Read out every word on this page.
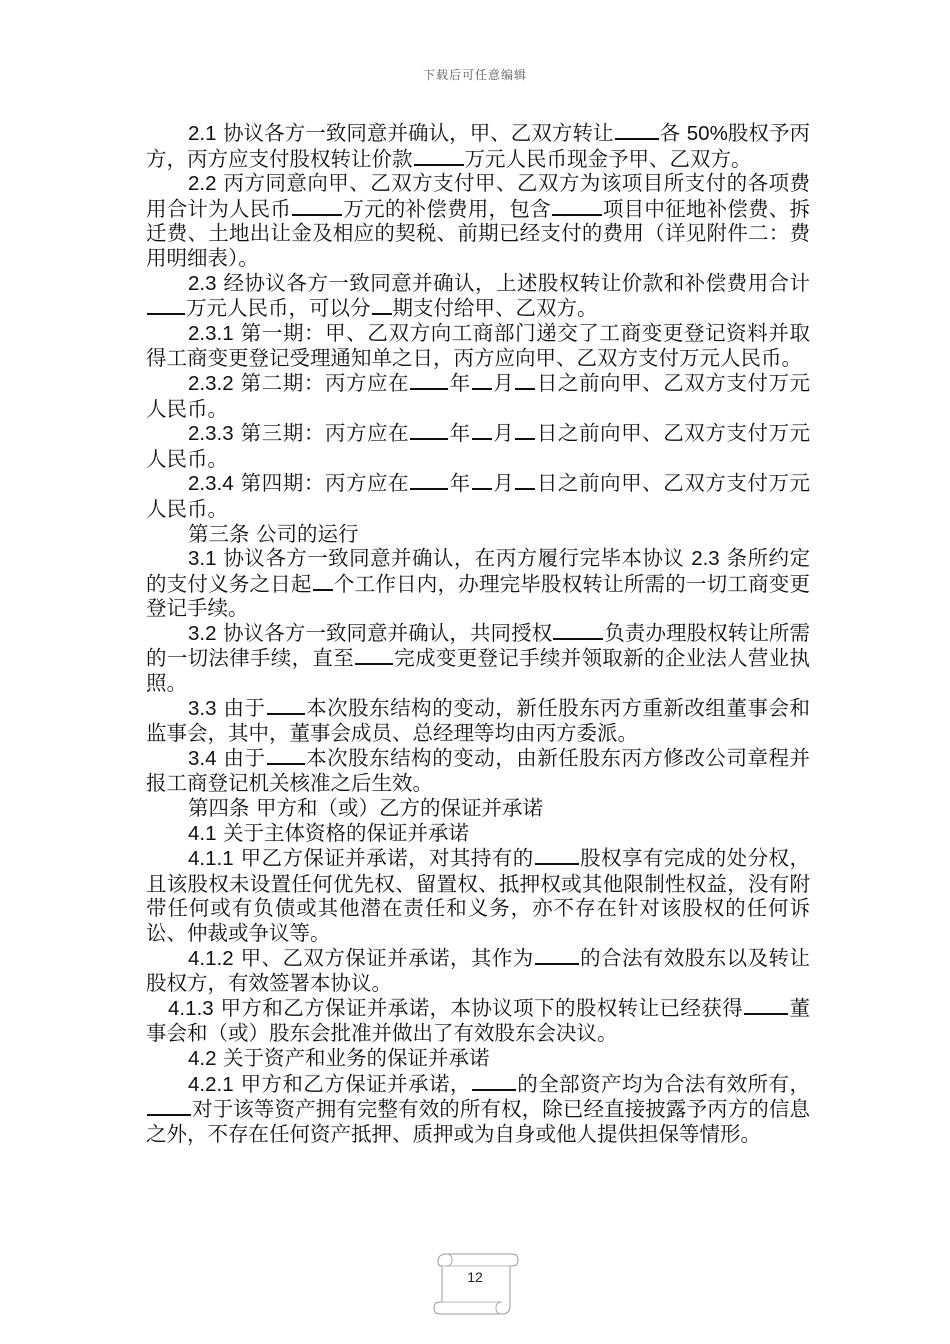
下载后可任意编辑

2.1 协议各方一致同意并确认，甲、乙双方转让 各 50%股权予丙方，丙方应支付股权转让价款	万元人民币现金予甲、乙双方。

2.2 丙方同意向甲、乙双方支付甲、乙双方为该项目所支付的各项费用合计为人民币	万元的补偿费用，包含	项目中征地补偿费、拆迁费、土地出让金及相应的契税、前期已经支付的费用（详见附件二：费用明细表）。

2.3 经协议各方一致同意并确认，上述股权转让价款和补偿费用合计万元人民币，可以分 期支付给甲、乙双方。

2.3.1 第一期：甲、乙双方向工商部门递交了工商变更登记资料并取得工商变更登记受理通知单之日，丙方应向甲、乙双方支付万元人民币。

2.3.2 第二期：丙方应在 年 月 日之前向甲、乙双方支付万元人民币。

2.3.3 第三期：丙方应在 年 月 日之前向甲、乙双方支付万元人民币。

2.3.4 第四期：丙方应在 年 月 日之前向甲、乙双方支付万元人民币。

第三条 公司的运行

3.1 协议各方一致同意并确认，在丙方履行完毕本协议 2.3 条所约定的支付义务之日起 个工作日内，办理完毕股权转让所需的一切工商变更登记手续。

3.2 协议各方一致同意并确认，共同授权	负责办理股权转让所需的一切法律手续，直至 完成变更登记手续并领取新的企业法人营业执照。

3.3 由于 本次股东结构的变动，新任股东丙方重新改组董事会和监事会，其中，董事会成员、总经理等均由丙方委派。

3.4 由于 本次股东结构的变动，由新任股东丙方修改公司章程并报工商登记机关核准之后生效。

第四条 甲方和（或）乙方的保证并承诺

4.1 关于主体资格的保证并承诺

4.1.1 甲乙方保证并承诺，对其持有的 股权享有完成的处分权，且该股权未设置任何优先权、留置权、抵押权或其他限制性权益，没有附带任何或有负债或其他潜在责任和义务，亦不存在针对该股权的任何诉讼、仲裁或争议等。

4.1.2 甲、乙双方保证并承诺，其作为 的合法有效股东以及转让股权方，有效签署本协议。

4.1.3 甲方和乙方保证并承诺，本协议项下的股权转让已经获得 董事会和（或）股东会批准并做出了有效股东会决议。

4.2 关于资产和业务的保证并承诺

4.2.1 甲方和乙方保证并承诺， 的全部资产均为合法有效所有，对于该等资产拥有完整有效的所有权，除已经直接披露予丙方的信息之外，不存在任何资产抵押、质押或为自身或他人提供担保等情形。

12
